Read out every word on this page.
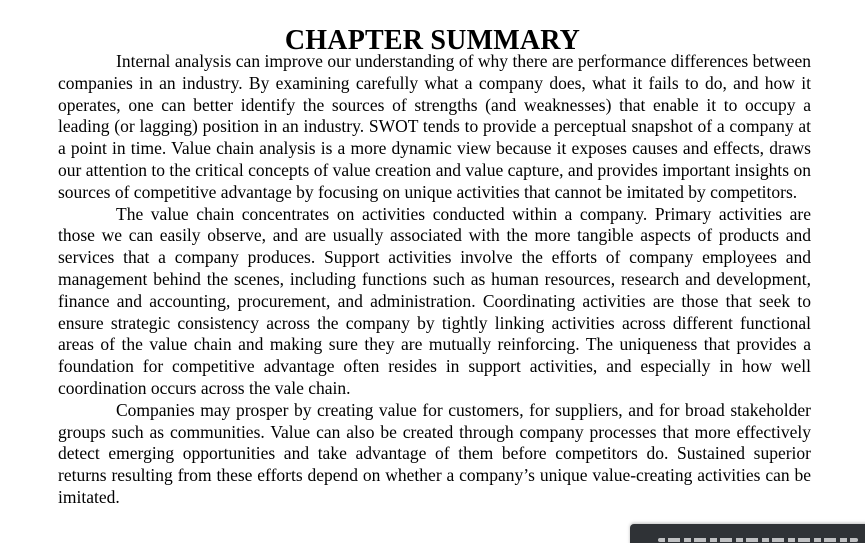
CHAPTER SUMMARY

Internal analysis can improve our understanding of why there are performance differences between companies in an industry. By examining carefully what a company does, what it fails to do, and how it operates, one can better identify the sources of strengths (and weaknesses) that enable it to occupy a leading (or lagging) position in an industry. SWOT tends to provide a perceptual snapshot of a company at a point in time. Value chain analysis is a more dynamic view because it exposes causes and effects, draws our attention to the critical concepts of value creation and value capture, and provides important insights on sources of competitive advantage by focusing on unique activities that cannot be imitated by competitors.

The value chain concentrates on activities conducted within a company. Primary activities are those we can easily observe, and are usually associated with the more tangible aspects of products and services that a company produces. Support activities involve the efforts of company employees and management behind the scenes, including functions such as human resources, research and development, finance and accounting, procurement, and administration. Coordinating activities are those that seek to ensure strategic consistency across the company by tightly linking activities across different functional areas of the value chain and making sure they are mutually reinforcing. The uniqueness that provides a foundation for competitive advantage often resides in support activities, and especially in how well coordination occurs across the vale chain.

Companies may prosper by creating value for customers, for suppliers, and for broad stakeholder groups such as communities. Value can also be created through company processes that more effectively detect emerging opportunities and take advantage of them before competitors do. Sustained superior returns resulting from these efforts depend on whether a company’s unique value-creating activities can be imitated.
